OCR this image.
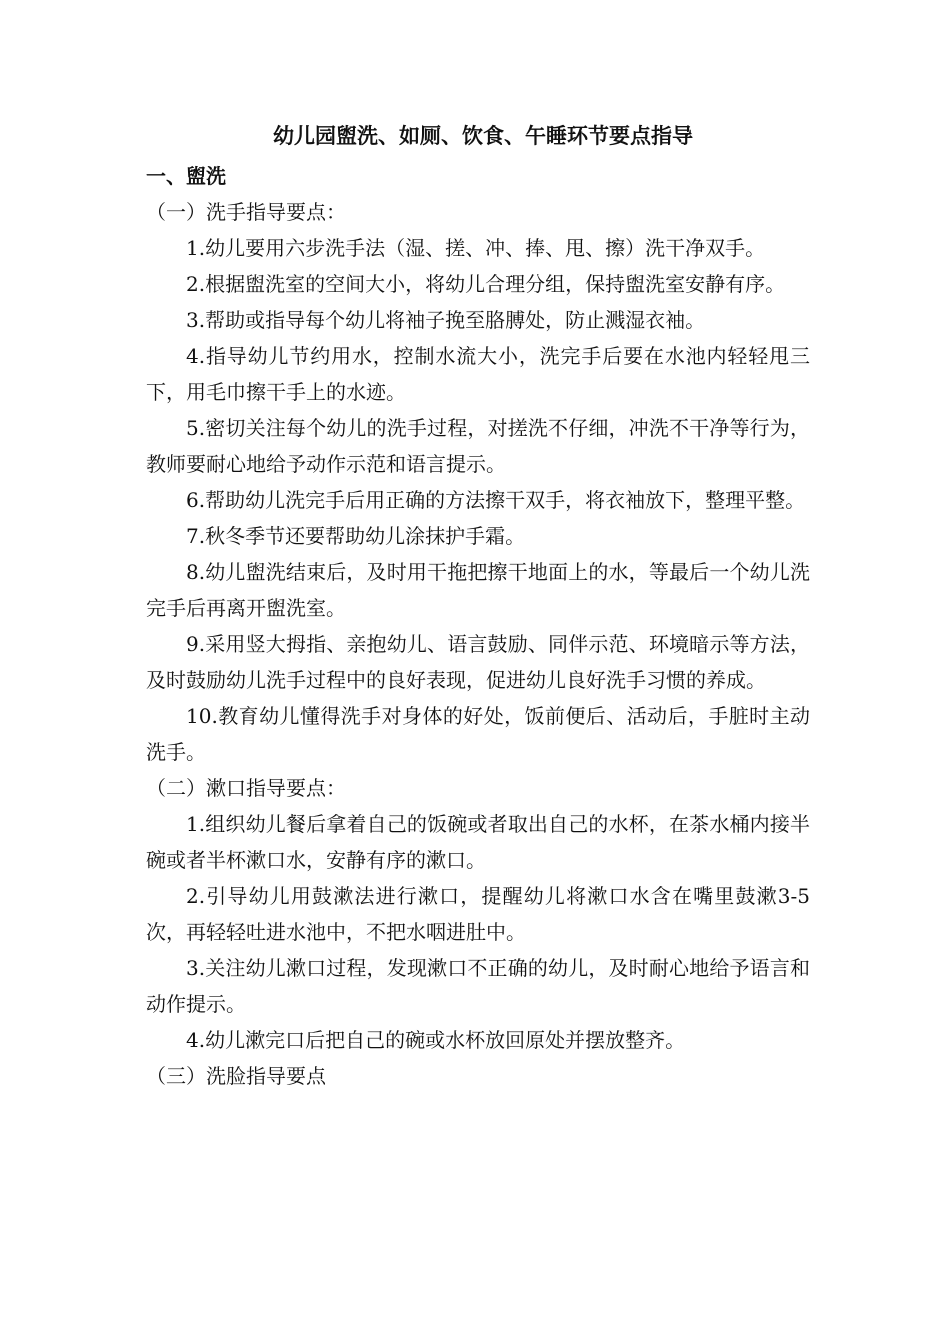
幼儿园盥洗、如厕、饮食、午睡环节要点指导
一、盥洗
（一）洗手指导要点：

1.幼儿要用六步洗手法（湿、搓、冲、捧、甩、擦）洗干净双手。

2.根据盥洗室的空间大小，将幼儿合理分组，保持盥洗室安静有序。

3.帮助或指导每个幼儿将袖子挽至胳膊处，防止溅湿衣袖。

4.指导幼儿节约用水，控制水流大小，洗完手后要在水池内轻轻甩三下，用毛巾擦干手上的水迹。

5.密切关注每个幼儿的洗手过程，对搓洗不仔细，冲洗不干净等行为，教师要耐心地给予动作示范和语言提示。

6.帮助幼儿洗完手后用正确的方法擦干双手，将衣袖放下，整理平整。

7.秋冬季节还要帮助幼儿涂抹护手霜。

8.幼儿盥洗结束后，及时用干拖把擦干地面上的水，等最后一个幼儿洗完手后再离开盥洗室。

9.采用竖大拇指、亲抱幼儿、语言鼓励、同伴示范、环境暗示等方法，及时鼓励幼儿洗手过程中的良好表现，促进幼儿良好洗手习惯的养成。

10.教育幼儿懂得洗手对身体的好处，饭前便后、活动后，手脏时主动洗手。

（二）漱口指导要点：

1.组织幼儿餐后拿着自己的饭碗或者取出自己的水杯，在茶水桶内接半碗或者半杯漱口水，安静有序的漱口。

2.引导幼儿用鼓漱法进行漱口，提醒幼儿将漱口水含在嘴里鼓漱3-5次，再轻轻吐进水池中，不把水咽进肚中。

3.关注幼儿漱口过程，发现漱口不正确的幼儿，及时耐心地给予语言和动作提示。

4.幼儿漱完口后把自己的碗或水杯放回原处并摆放整齐。

（三）洗脸指导要点
